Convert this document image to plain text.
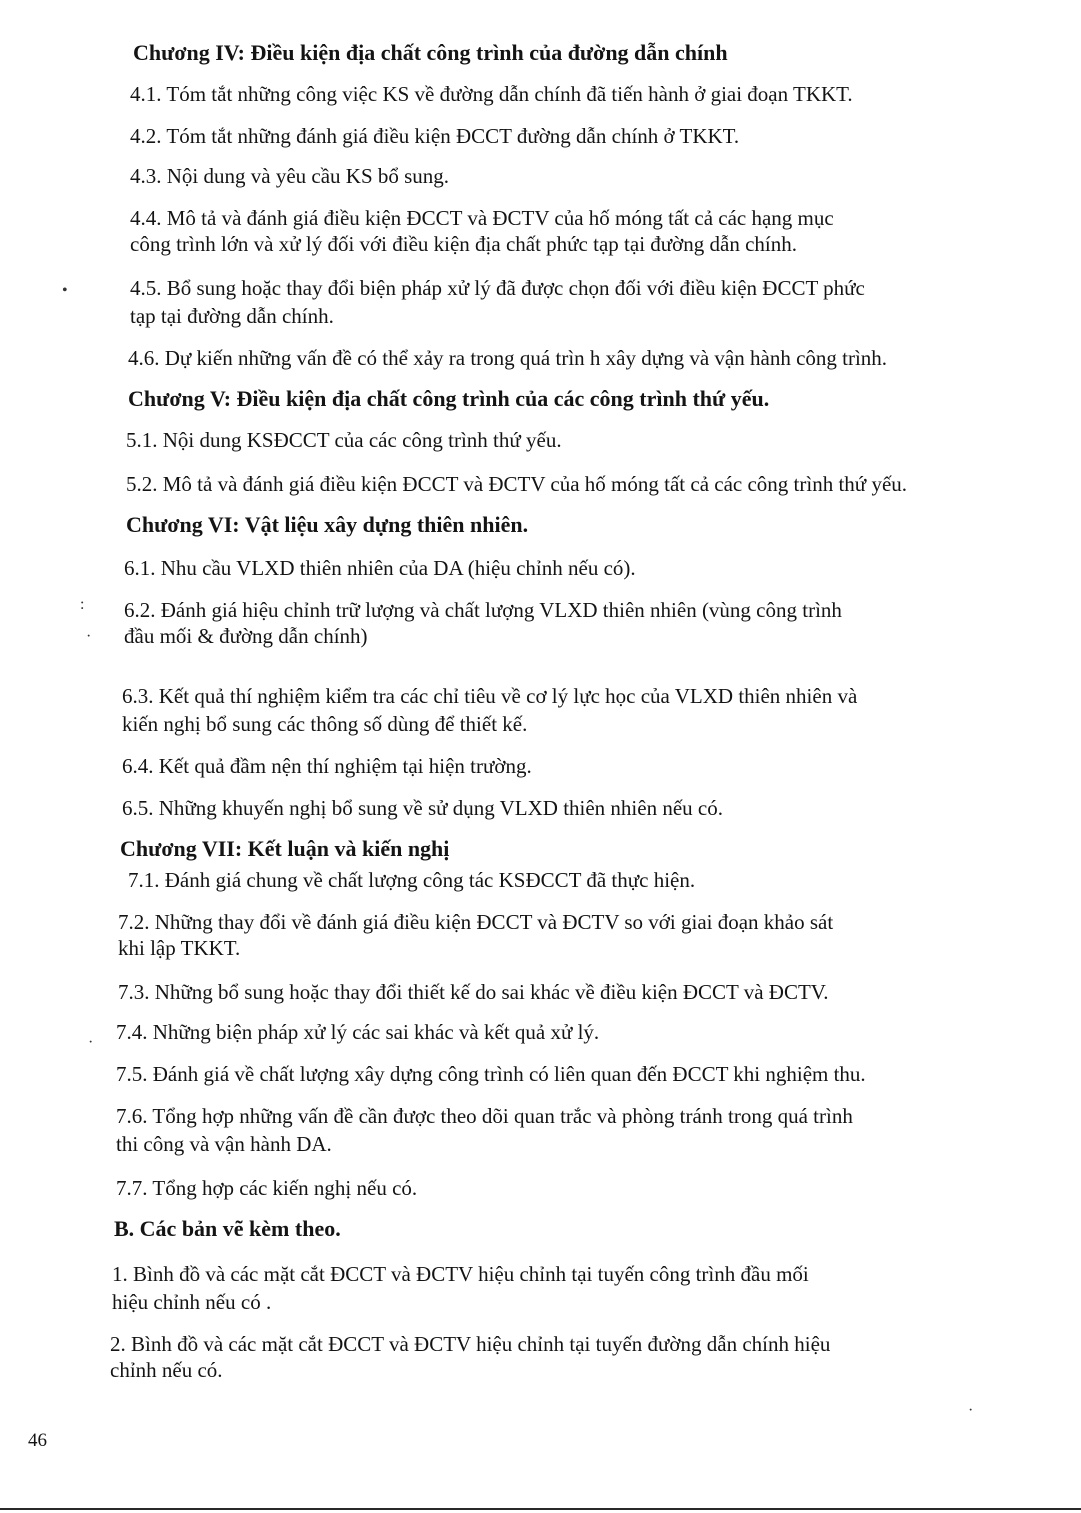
Chương IV: Điều kiện địa chất công trình của đường dẫn chính
4.1. Tóm tắt những công việc KS về đường dẫn chính đã tiến hành ở giai đoạn TKKT.
4.2. Tóm tắt những đánh giá điều kiện ĐCCT đường dẫn chính ở TKKT.
4.3. Nội dung và yêu cầu KS bổ sung.
4.4. Mô tả và đánh giá điều kiện ĐCCT và ĐCTV của hố móng tất cả các hạng mục
công trình lớn và xử lý đối với điều kiện địa chất phức tạp tại đường dẫn chính.
4.5. Bổ sung hoặc thay đổi biện pháp xử lý đã được chọn đối với điều kiện ĐCCT phức
tạp tại đường dẫn chính.
4.6. Dự kiến những vấn đề có thể xảy ra trong quá trìn h xây dựng và vận hành công trình.
Chương V: Điều kiện địa chất công trình của các công trình thứ yếu.
5.1. Nội dung KSĐCCT của các công trình thứ yếu.
5.2. Mô tả và đánh giá điều kiện ĐCCT và ĐCTV của hố móng tất cả các công trình thứ yếu.
Chương VI: Vật liệu xây dựng thiên nhiên.
6.1. Nhu cầu VLXD thiên nhiên của DA (hiệu chỉnh nếu có).
6.2. Đánh giá hiệu chỉnh trữ lượng và chất lượng VLXD thiên nhiên (vùng công trình
đầu mối & đường dẫn chính)
6.3. Kết quả thí nghiệm kiểm tra các chỉ tiêu về cơ lý lực học của VLXD thiên nhiên và
kiến nghị bổ sung các thông số dùng để thiết kế.
6.4. Kết quả đầm nện thí nghiệm tại hiện trường.
6.5. Những khuyến nghị bổ sung về sử dụng VLXD thiên nhiên nếu có.
Chương VII: Kết luận và kiến nghị
7.1. Đánh giá chung về chất lượng công tác KSĐCCT đã thực hiện.
7.2. Những thay đổi về đánh giá điều kiện ĐCCT và ĐCTV so với giai đoạn khảo sát
khi lập TKKT.
7.3. Những bổ sung hoặc thay đổi thiết kế do sai khác về điều kiện ĐCCT và ĐCTV.
7.4. Những biện pháp xử lý các sai khác và kết quả xử lý.
7.5. Đánh giá về chất lượng xây dựng công trình có liên quan đến ĐCCT khi nghiệm thu.
7.6. Tổng hợp những vấn đề cần được theo dõi quan trắc và phòng tránh trong quá trình
thi công và vận hành DA.
7.7. Tổng hợp các kiến nghị nếu có.
B. Các bản vẽ kèm theo.
1. Bình đồ và các mặt cắt ĐCCT và ĐCTV hiệu chỉnh tại tuyến công trình đầu mối
hiệu chỉnh nếu có .
2. Bình đồ và các mặt cắt ĐCCT và ĐCTV hiệu chỉnh tại tuyến đường dẫn chính hiệu
chỉnh nếu có.
•
:
·
·
·
46
